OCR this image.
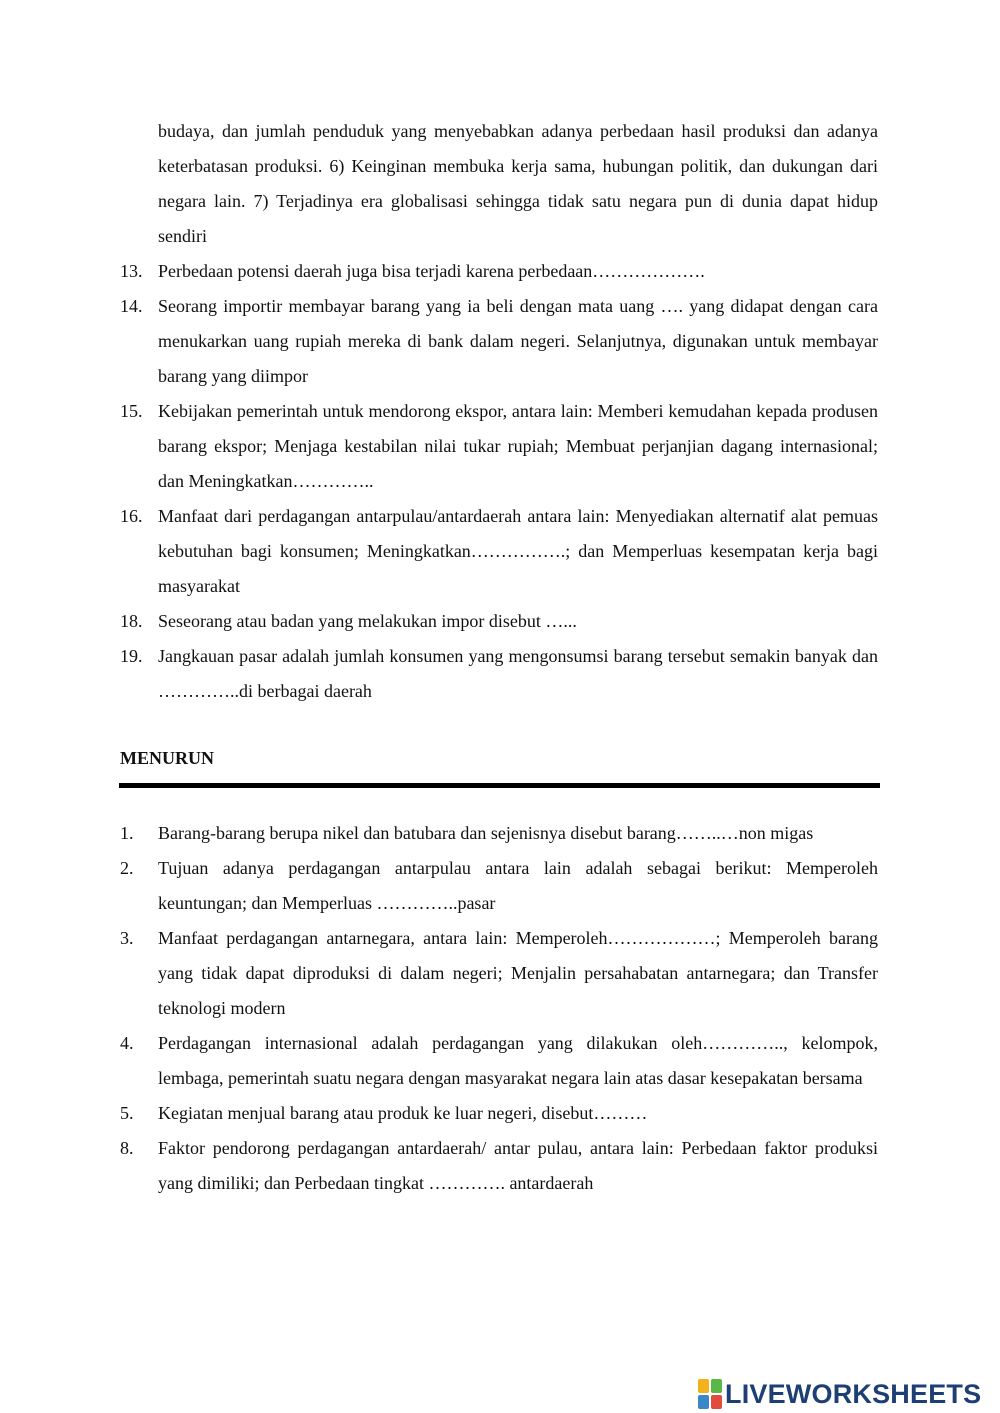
budaya, dan jumlah penduduk yang menyebabkan adanya perbedaan hasil produksi dan adanya keterbatasan produksi. 6) Keinginan membuka kerja sama, hubungan politik, dan dukungan dari negara lain. 7) Terjadinya era globalisasi sehingga tidak satu negara pun di dunia dapat hidup sendiri
13. Perbedaan potensi daerah juga bisa terjadi karena perbedaan……………….
14. Seorang importir membayar barang yang ia beli dengan mata uang …. yang didapat dengan cara menukarkan uang rupiah mereka di bank dalam negeri. Selanjutnya, digunakan untuk membayar barang yang diimpor
15. Kebijakan pemerintah untuk mendorong ekspor, antara lain: Memberi kemudahan kepada produsen barang ekspor; Menjaga kestabilan nilai tukar rupiah; Membuat perjanjian dagang internasional; dan Meningkatkan…………..
16. Manfaat dari perdagangan antarpulau/antardaerah antara lain: Menyediakan alternatif alat pemuas kebutuhan bagi konsumen; Meningkatkan…………….; dan Memperluas kesempatan kerja bagi masyarakat
18. Seseorang atau badan yang melakukan impor disebut …...
19. Jangkauan pasar adalah jumlah konsumen yang mengonsumsi barang tersebut semakin banyak dan …………..di berbagai daerah
MENURUN
1.	Barang-barang berupa nikel dan batubara dan sejenisnya disebut barang……..…non migas
2.	Tujuan adanya perdagangan antarpulau antara lain adalah sebagai berikut: Memperoleh keuntungan; dan Memperluas …………..pasar
3.	Manfaat perdagangan antarnegara, antara lain: Memperoleh………………; Memperoleh barang yang tidak dapat diproduksi di dalam negeri; Menjalin persahabatan antarnegara; dan Transfer teknologi modern
4.	Perdagangan internasional adalah perdagangan yang dilakukan oleh………….., kelompok, lembaga, pemerintah suatu negara dengan masyarakat negara lain atas dasar kesepakatan bersama
5.	Kegiatan menjual barang atau produk ke luar negeri, disebut………
8.	Faktor pendorong perdagangan antardaerah/ antar pulau, antara lain: Perbedaan faktor produksi yang dimiliki; dan Perbedaan tingkat …………. antardaerah
LIVEWORKSHEETS
